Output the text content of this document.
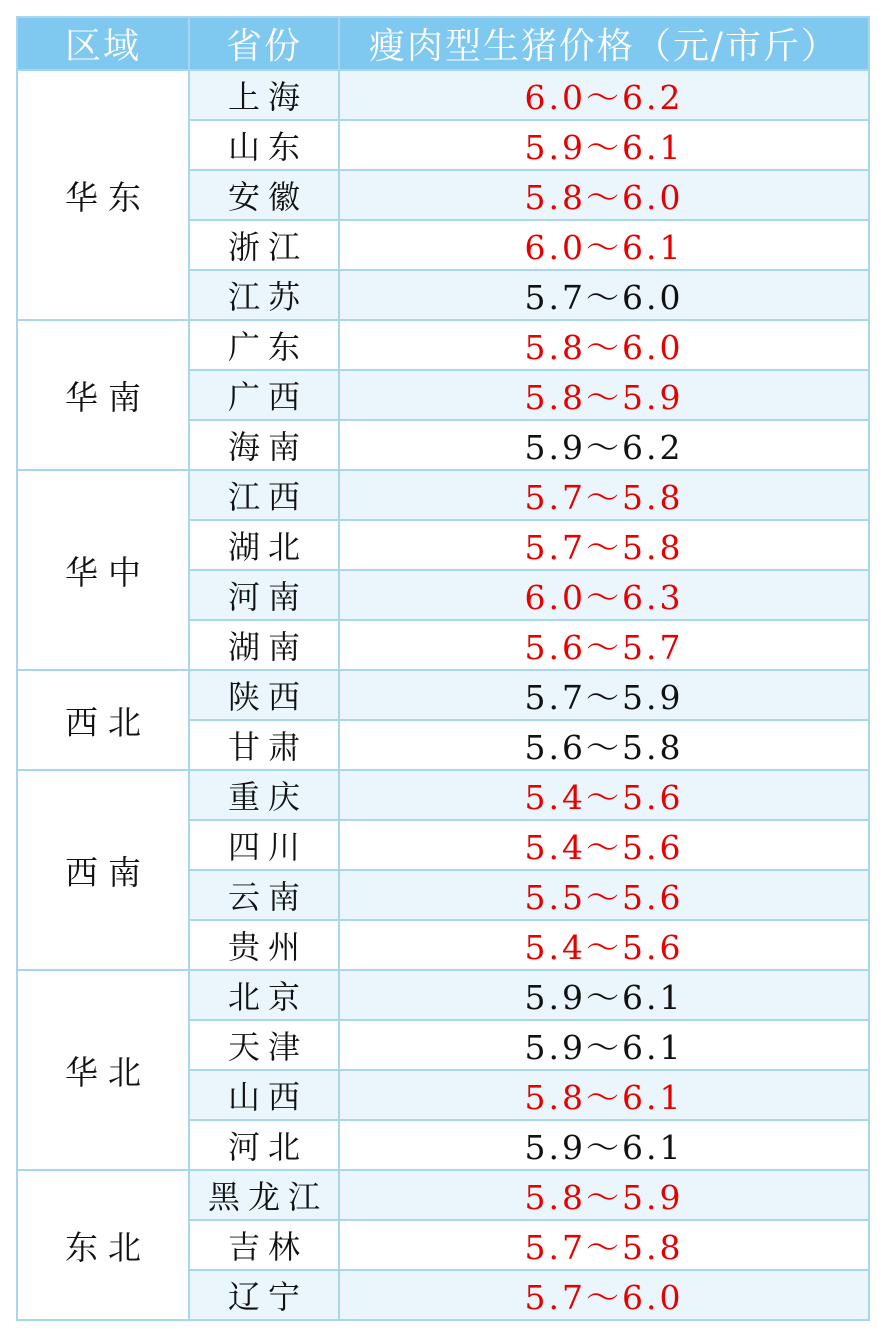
区域	省份	瘦肉型生猪价格（元/市斤）
华东	上海	6.0～6.2
	山东	5.9～6.1
	安徽	5.8～6.0
	浙江	6.0～6.1
	江苏	5.7～6.0
华南	广东	5.8～6.0
	广西	5.8～5.9
	海南	5.9～6.2
华中	江西	5.7～5.8
	湖北	5.7～5.8
	河南	6.0～6.3
	湖南	5.6～5.7
西北	陕西	5.7～5.9
	甘肃	5.6～5.8
西南	重庆	5.4～5.6
	四川	5.4～5.6
	云南	5.5～5.6
	贵州	5.4～5.6
华北	北京	5.9～6.1
	天津	5.9～6.1
	山西	5.8～6.1
	河北	5.9～6.1
东北	黑龙江	5.8～5.9
	吉林	5.7～5.8
	辽宁	5.7～6.0
